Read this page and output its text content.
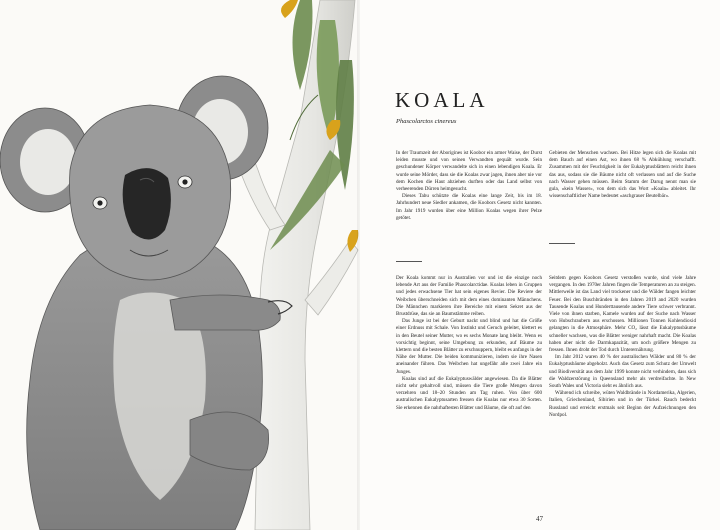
KOALA
Phascolarctos cinereus

In der Traumzeit der Aborigines ist Koobor ein armer Waise, der Durst leiden musste und von seinen Verwandten gequält wurde. Sein geschundener Körper verwandelte sich in einen lebendigen Koala. Er wurde seine Mörder, dass sie die Koalas zwar jagen, ihnen aber nie vor dem Kochen die Haut abziehen durften oder das Land selbst von verheerenden Dürren heimgesucht.

Dieses Tabu schützte die Koalas eine lange Zeit, bis im 18. Jahrhundert neue Siedler ankamen, die Koobors Gesetz nicht kannten. Im Jahr 1919 wurden über eine Million Koalas wegen ihrer Pelze getötet.

Gebieten der Menschen wachsen. Bei Hitze legen sich die Koalas mit dem Bauch auf einen Ast, wo ihnen 68 % Abkühlung verschafft. Zusammen mit der Feuchtigkeit in der Eukalyptusblättern reicht ihnen das aus, sodass sie die Bäume nicht oft verlassen und auf die Suche nach Wasser gehen müssen. Beim Stamm der Darug nennt man sie gula, »kein Wasser«, von dem sich das Wort »Koala« ableitet. Ihr wissenschaftlicher Name bedeutet »aschgrauer Beutelbär«.

Der Koala kommt nur in Australien vor und ist die einzige noch lebende Art aus der Familie Phascolarctidae. Koalas leben in Gruppen und jedes erwachsene Tier hat sein eigenes Revier. Die Reviere der Weibchen überschneiden sich mit dem eines dominanten Männchens. Die Männchen markieren ihre Bereiche mit einem Sekret aus der Brustdrüse, das sie an Baumstämme reiben.

Das Junge ist bei der Geburt nackt und blind und hat die Größe einer Erdnuss mit Schale. Von Instinkt und Geruch geleitet, klettert es in den Beutel seiner Mutter, wo es sechs Monate lang bleibt. Wenn es vorsichtig beginnt, seine Umgebung zu erkunden, auf Bäume zu klettern und die besten Blätter zu erschnuppern, bleibt es anfangs in der Nähe der Mutter. Die beiden kommunizieren, indem sie ihre Nasen aneinander führen. Das Weibchen hat ungefähr alle zwei Jahre ein Junges.

Koalas sind auf die Eukalyptuswälder angewiesen. Da die Blätter nicht sehr gehaltvoll sind, müssen die Tiere große Mengen davon verzehren und 18–20 Stunden am Tag ruhen. Von über 600 australischen Eukalyptusarten fressen die Koalas nur etwa 30 Sorten. Sie erkennen die nahrhaftesten Blätter und Bäume, die oft auf den

Seitdem gegen Koobors Gesetz verstoßen wurde, sind viele Jahre vergangen. In den 1970er Jahren fingen die Temperaturen an zu steigen. Mittlerweile ist das Land viel trockener und die Wälder fangen leichter Feuer. Bei den Buschbränden in den Jahren 2019 and 2020 wurden Tausende Koalas und Hunderttausende andere Tiere schwer verbrannt. Viele von ihnen starben, Kamele wurden auf der Suche nach Wasser von Hubschraubern aus erschossen. Millionen Tonnen Kohlendioxid gelangten in die Atmosphäre. Mehr CO₂ lässt die Eukalyptusbäume schneller wachsen, was die Blätter weniger nahrhaft macht. Die Koalas haben aber nicht die Darmkapazität, um noch größere Mengen zu fressen. Ihnen droht der Tod durch Unterernährung.

Im Jahr 2012 waren 40 % der australischen Wälder und 80 % der Eukalyptusbäume abgeholzt. Auch das Gesetz zum Schutz der Umwelt und Biodiversität aus dem Jahr 1999 konnte nicht verhindern, dass sich die Waldzerstörung in Queensland mehr als verdreifachte. In New South Wales und Victoria sieht es ähnlich aus.

Während ich schreibe, wüten Waldbrände in Nordamerika, Algerien, Italien, Griechenland, Sibirien und in der Türkei. Rauch bedeckt Russland und erreicht erstmals seit Beginn der Aufzeichnungen den Nordpol.

47
